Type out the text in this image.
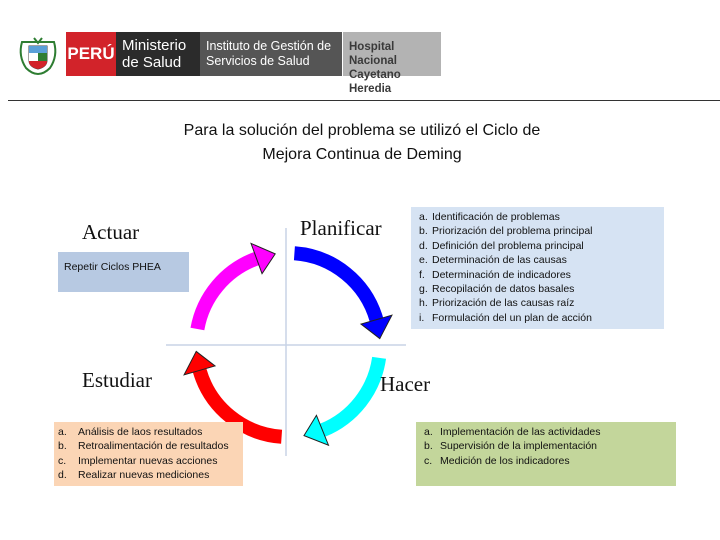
PERÚ Ministerio
de Salud
Instituto de Gestión de
Servicios de Salud
Hospital Nacional
Cayetano Heredia
Para la solución del problema se utilizó el Ciclo de
Mejora Continua de Deming
Actuar	Planificar
Estudiar	Hacer
Repetir Ciclos PHEA
a. Identificación de problemas
b. Priorización del problema principal
d. Definición del problema principal
e. Determinación de las causas
f. Determinación de indicadores
g. Recopilación de datos basales
h. Priorización de las causas raíz
i. Formulación del un plan de acción
a.	Análisis de laos resultados
b.	Retroalimentación de resultados
c.	Implementar nuevas acciones
d.	Realizar nuevas mediciones
a. Implementación de las actividades
b. Supervisión de la implementación
c. Medición de los indicadores
